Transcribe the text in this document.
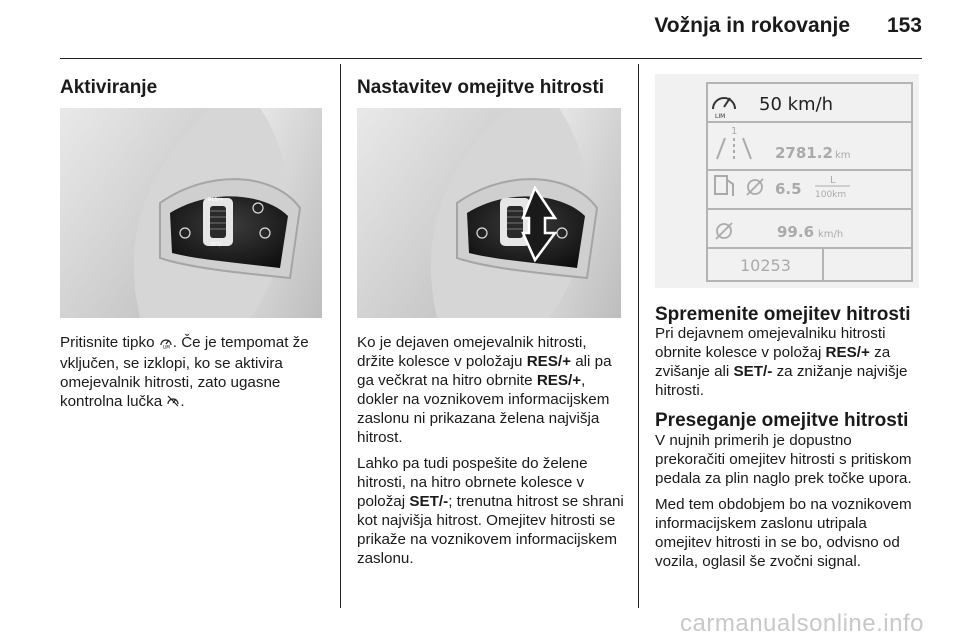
Vožnja in rokovanje 153
Aktiviranje
RES/+
SET/-

Pritisnite tipko LIM . Če je tempomat že vključen, se izklopi, ko se aktivira omejevalnik hitrosti, zato ugasne kontrolna lučka .

Nastavitev omejitve hitrosti

Ko je dejaven omejevalnik hitrosti, držite kolesce v položaju RES/+ ali pa ga večkrat na hitro obrnite RES/+, dokler na voznikovem informacijskem zaslonu ni prikazana želena najvišja hitrost.

Lahko pa tudi pospešite do želene hitrosti, na hitro obrnete kolesce v položaj SET/-; trenutna hitrost se shrani kot najvišja hitrost. Omejitev hitrosti se prikaže na voznikovem informacijskem zaslonu.

LIM
50 km/h
1
2781.2 km
6.5	L
100km
99.6 km/h
10253
Spremenite omejitev hitrosti

Pri dejavnem omejevalniku hitrosti obrnite kolesce v položaj RES/+ za zvišanje ali SET/- za znižanje najvišje hitrosti.

Preseganje omejitve hitrosti

V nujnih primerih je dopustno prekoračiti omejitev hitrosti s pritiskom pedala za plin naglo prek točke upora.

Med tem obdobjem bo na voznikovem informacijskem zaslonu utripala omejitev hitrosti in se bo, odvisno od vozila, oglasil še zvočni signal.

carmanualsonline.info
